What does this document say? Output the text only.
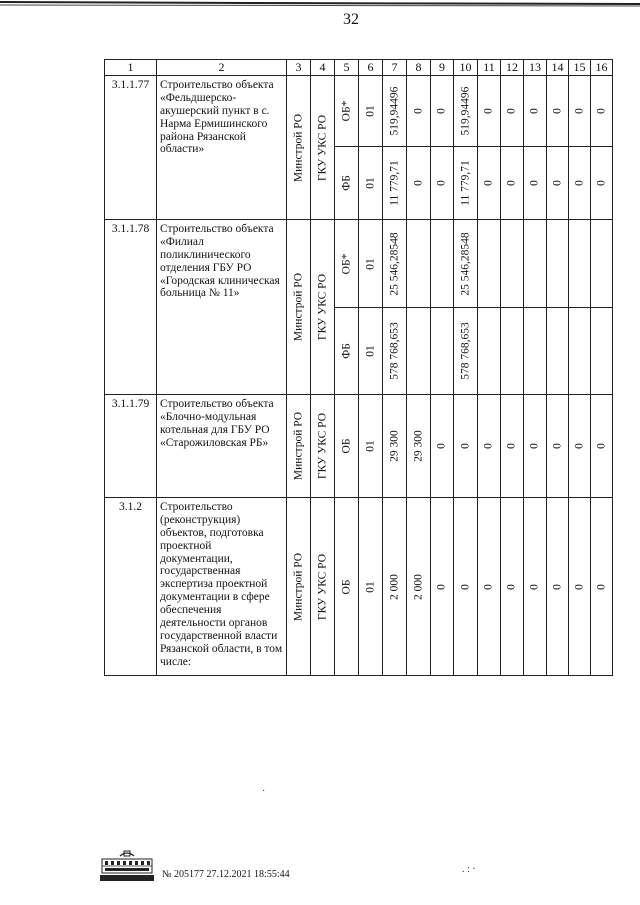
32
1	2	3	4	5	6	7	8	9	10	11	12	13	14	15	16
3.1.1.77	Строительство объекта «Фельдшерско-акушерский пункт в с. Нарма Ермишинского района Рязанской области»	Минстрой РО	ГКУ УКС РО	ОБ*	01	519,94496	0	0	519,94496	0	0	0	0	0	0

				ФБ	01	11 779,71	0	0	11 779,71	0	0	0	0	0	0

3.1.1.78	Строительство объекта «Филиал поликлинического отделения ГБУ РО «Городская клиническая больница № 11»	Минстрой РО	ГКУ УКС РО	ОБ*	01	25 546,28548			25 546,28548						

				ФБ	01	578 768,653			578 768,653						

3.1.1.79	Строительство объекта «Блочно-модульная котельная для ГБУ РО «Старожиловская РБ»	Минстрой РО	ГКУ УКС РО	ОБ	01	29 300	29 300	0	0	0	0	0	0	0	0

3.1.2	Строительство (реконструкция) объектов, подготовка проектной документации, государственная экспертиза проектной документации в сфере обеспечения деятельности органов государственной власти Рязанской области, в том числе:	Минстрой РО	ГКУ УКС РО	ОБ	01	2 000	2 000	0	0	0	0	0	0	0	0
№ 205177 27.12.2021 18:55:44
·
. : ·
